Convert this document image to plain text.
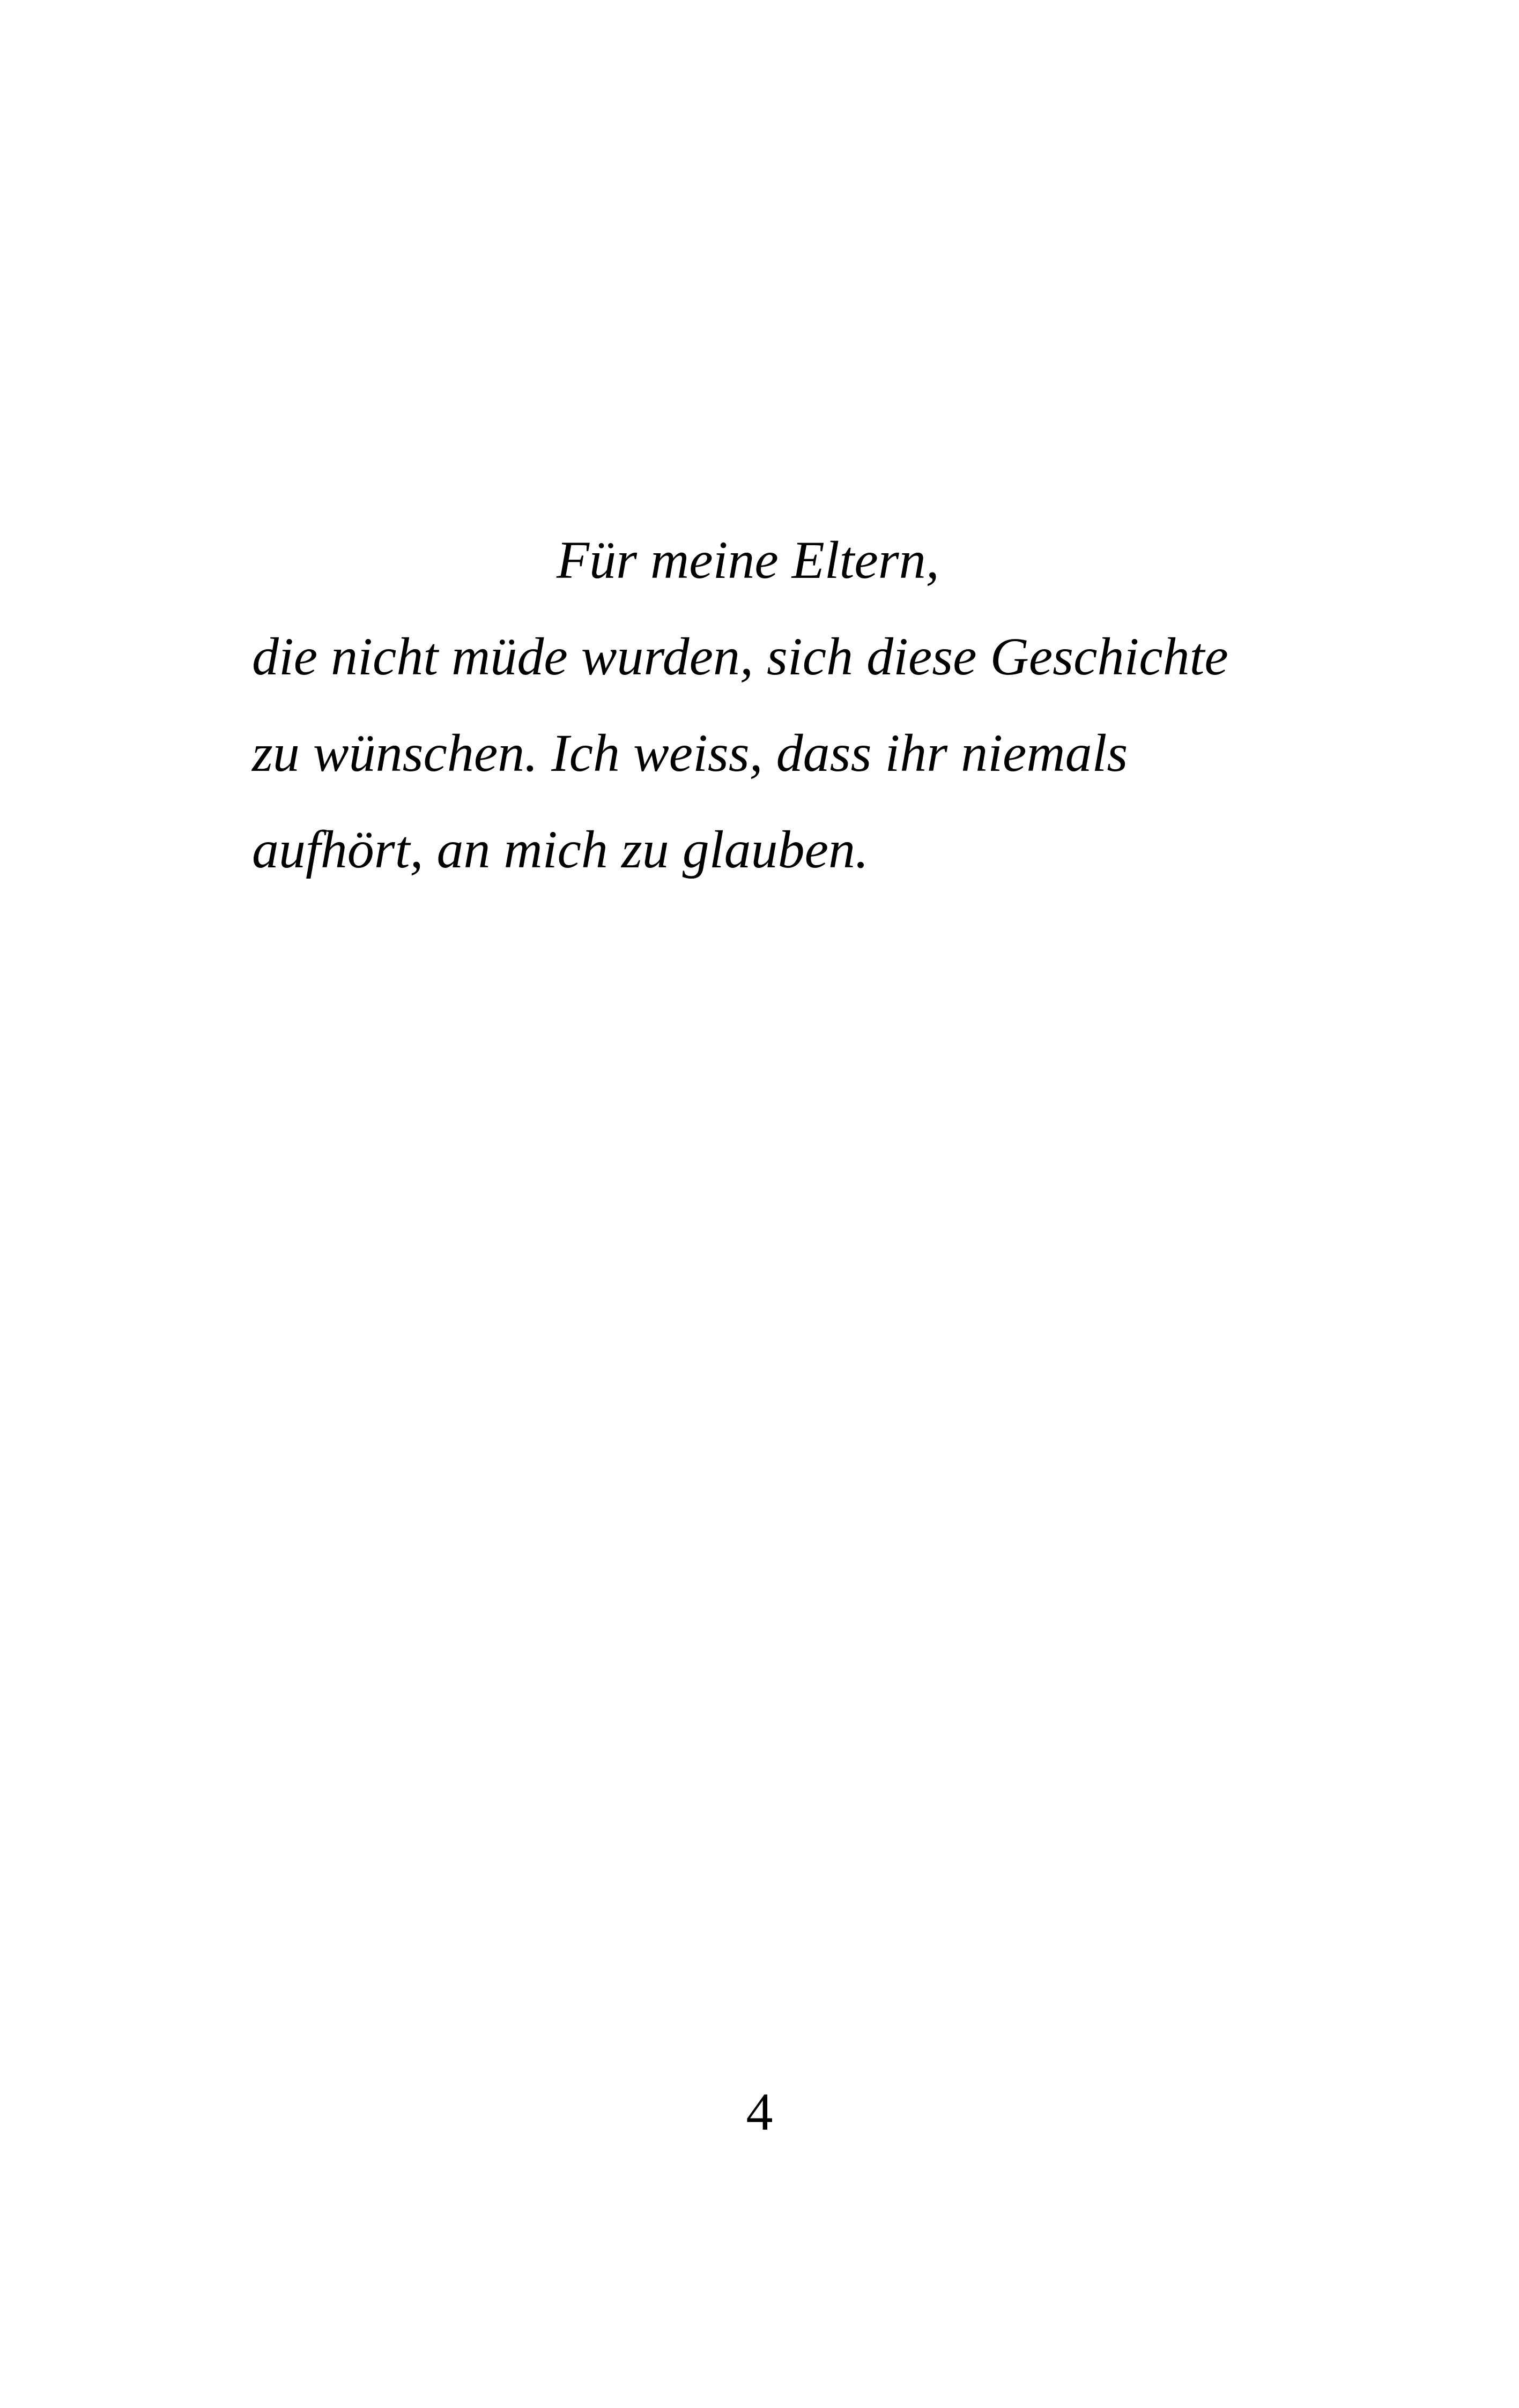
Für meine Eltern,
die nicht müde wurden, sich diese Geschichte
zu wünschen. Ich weiss, dass ihr niemals
aufhört, an mich zu glauben.
4
